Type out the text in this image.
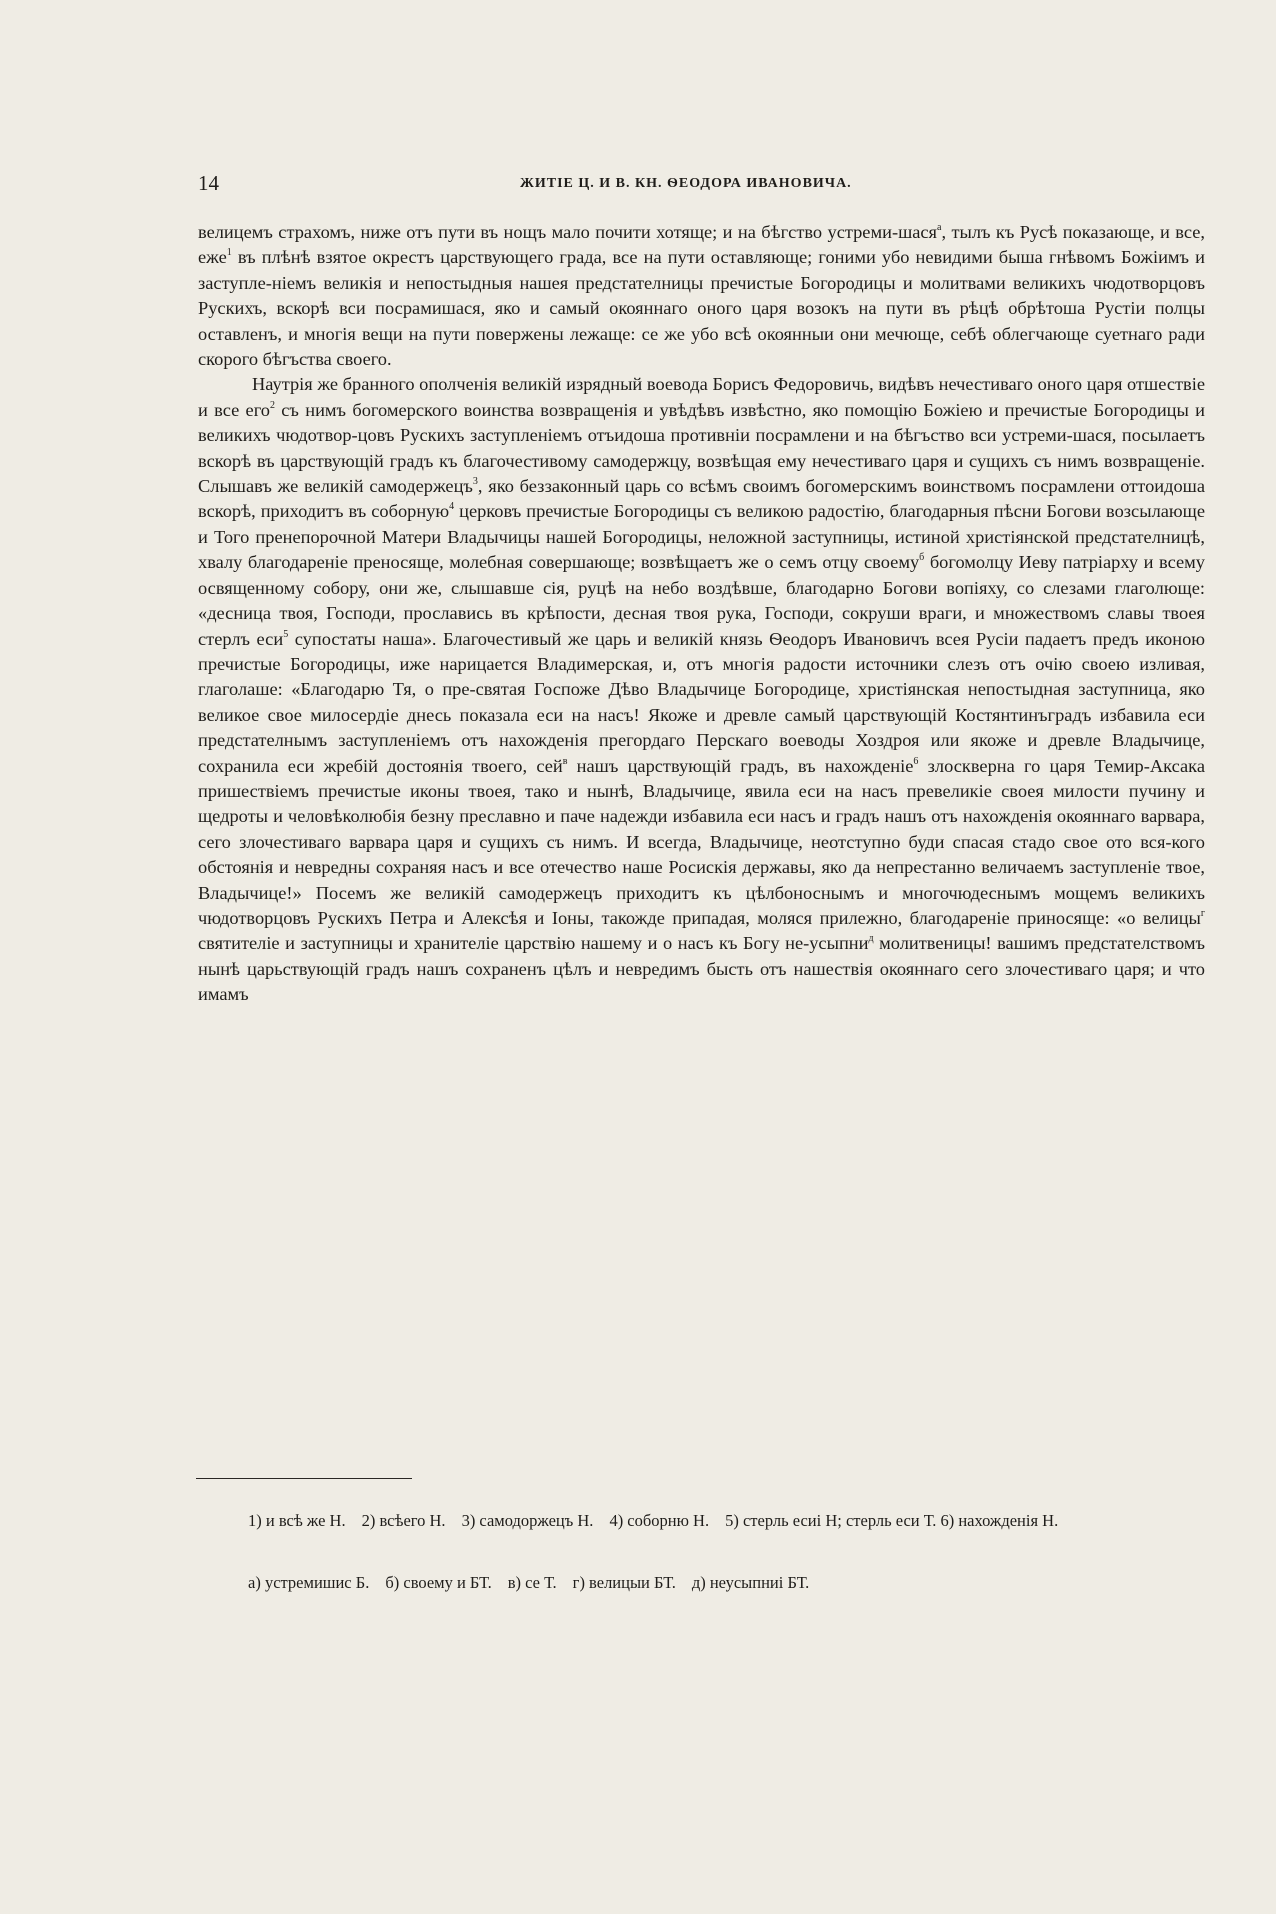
14	ЖИТІЕ Ц. И В. КН. ѲЕОДОРА ИВАНОВИЧА.

велицемъ страхомъ, ниже отъ пути въ нощъ мало почити хотяще; и на бѣгство устреми-шася$^а$, тылъ къ Русѣ показающе, и все, еже$^1$ въ плѣнѣ взятое окрестъ царствующего града, все на пути оставляюще; гоними убо невидими быша гнѣвомъ Божіимъ и заступле-ніемъ великія и непостыдныя нашея предстателницы пречистые Богородицы и молитвами великихъ чюдотворцовъ Рускихъ, вскорѣ вси посрамишася, яко и самый окояннаго оного царя возокъ на пути въ рѣцѣ обрѣтоша Рустіи полцы оставленъ, и многія вещи на пути повержены лежаще: се же убо всѣ окоянныи они мечюще, себѣ облегчающе суетнаго ради скорого бѣгъства своего.

Наутрія же бранного ополченія великій изрядный воевода Борисъ Федоровичь, видѣвъ нечестиваго оного царя отшествіе и все его$^2$ съ нимъ богомерского воинства возвращенія и увѣдѣвъ извѣстно, яко помощію Божіею и пречистые Богородицы и великихъ чюдотвор-цовъ Рускихъ заступленіемъ отъидоша противніи посрамлени и на бѣгъство вси устреми-шася, посылаетъ вскорѣ въ царствующій градъ къ благочестивому самодержцу, возвѣщая ему нечестиваго царя и сущихъ съ нимъ возвращеніе. Слышавъ же великій самодержецъ$^3$, яко беззаконный царь со всѣмъ своимъ богомерскимъ воинствомъ посрамлени оттоидоша вскорѣ, приходитъ въ соборную$^4$ церковъ пречистые Богородицы съ великою радостію, благодарныя пѣсни Богови возсылающе и Того пренепорочной Матери Владычицы нашей Богородицы, неложной заступницы, истиной христіянской предстателницѣ, хвалу благодареніе преносяще, молебная совершающе; возвѣщаетъ же о семъ отцу своему$^б$ богомолцу Иеву патріарху и всему освященному собору, они же, слышавше сія, руцѣ на небо воздѣвше, благодарно Богови вопіяху, со слезами глаголюще: «десница твоя, Господи, прославись въ крѣпости, десная твоя рука, Господи, сокруши враги, и множествомъ славы твоея стерлъ еси$^5$ супостаты наша». Благочестивый же царь и великій князь Ѳеодоръ Ивановичъ всея Русіи падаетъ предъ иконою пречистые Богородицы, иже нарицается Владимерская, и, отъ многія радости источники слезъ отъ очію своею изливая, глаголаше: «Благодарю Тя, о пре-святая Госпоже Дѣво Владычице Богородице, христіянская непостыдная заступница, яко великое свое милосердіе днесь показала еси на насъ! Якоже и древле самый царствующій Костянтинъградъ избавила еси предстателнымъ заступленіемъ отъ нахожденія прегордаго Перскаго воеводы Хоздроя или якоже и древле Владычице, сохранила еси жребій достоянія твоего, сей$^в$ нашъ царствующій градъ, въ нахожденіе$^6$ злоскверна го царя Темир-Аксака пришествіемъ пречистые иконы твоея, тако и нынѣ, Владычице, явила еси на насъ превеликіе своея милости пучину и щедроты и человѣколюбія безну преславно и паче надежди избавила еси насъ и градъ нашъ отъ нахожденія окояннаго варвара, сего злочестиваго варвара царя и сущихъ съ нимъ. И всегда, Владычице, неотступно буди спасая стадо свое ото вся-кого обстоянія и невредны сохраняя насъ и все отечество наше Росискія державы, яко да непрестанно величаемъ заступленіе твое, Владычице!» Посемъ же великій самодержецъ приходитъ къ цѣлбоноснымъ и многочюдеснымъ мощемъ великихъ чюдотворцовъ Рускихъ Петра и Алексѣя и Іоны, такожде припадая, моляся прилежно, благодареніе приносяще: «о велицы$^г$ святителіе и заступницы и хранителіе царствію нашему и о насъ къ Богу не-усыпни$^д$ молитвеницы! вашимъ предстателствомъ нынѣ царьствующій градъ нашъ сохраненъ цѣлъ и невредимъ бысть отъ нашествія окояннаго сего злочестиваго царя; и что имамъ

1) и всѣ же Н. 2) всѣего Н. 3) самодоржецъ Н. 4) соборню Н. 5) стерль есиі Н; стерль еси Т. 6) нахожденія Н.
а) устремишис Б. б) своему и БТ. в) се Т. г) велицыи БТ. д) неусыпниі БТ.
